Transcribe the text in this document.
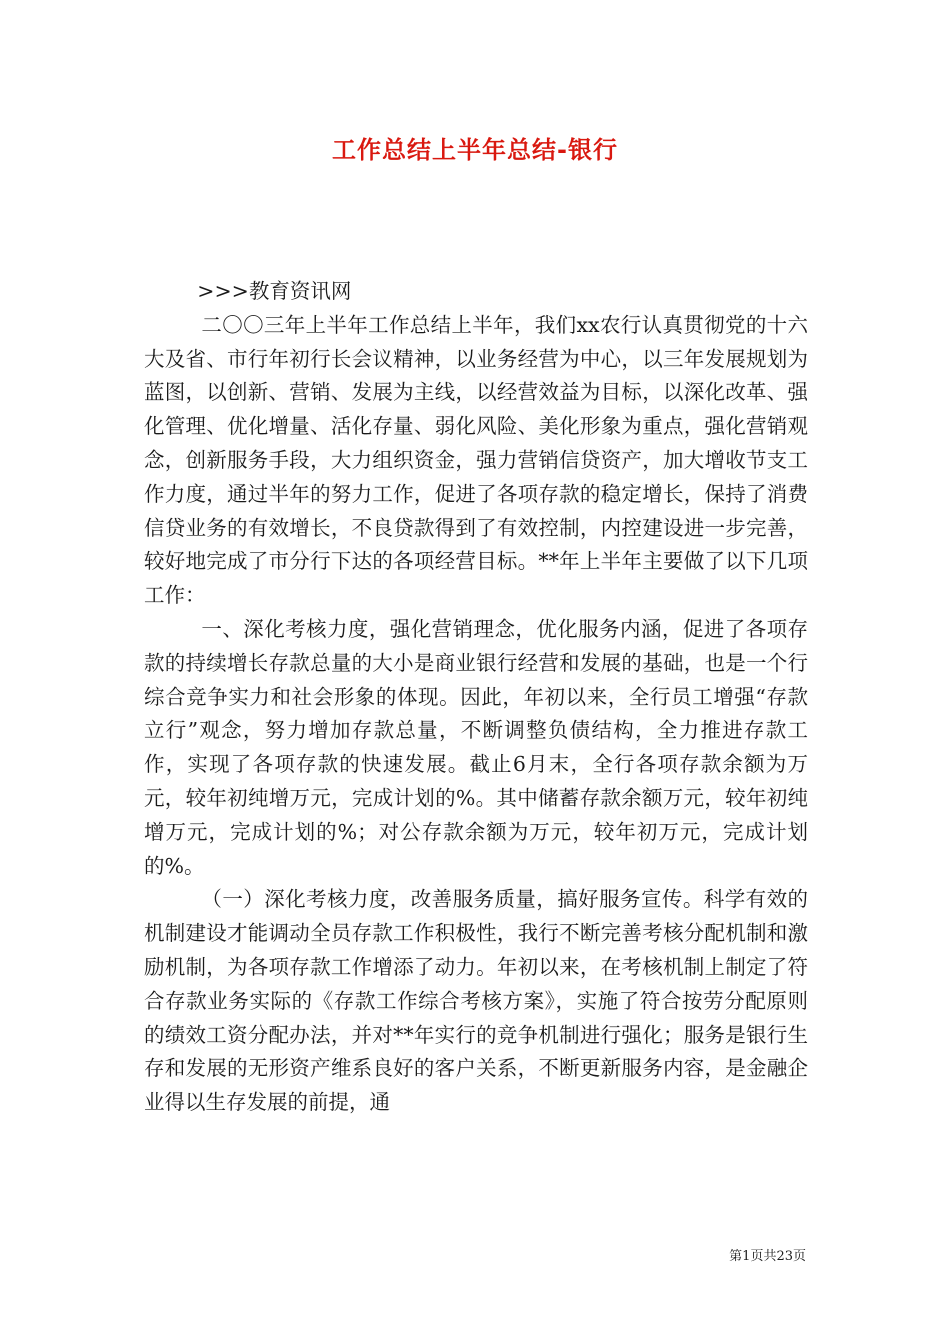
工作总结上半年总结-银行

>>>教育资讯网

二〇〇三年上半年工作总结上半年，我们xx农行认真贯彻党的十六大及省、市行年初行长会议精神，以业务经营为中心，以三年发展规划为蓝图，以创新、营销、发展为主线，以经营效益为目标，以深化改革、强化管理、优化增量、活化存量、弱化风险、美化形象为重点，强化营销观念，创新服务手段，大力组织资金，强力营销信贷资产，加大增收节支工作力度，通过半年的努力工作，促进了各项存款的稳定增长，保持了消费信贷业务的有效增长，不良贷款得到了有效控制，内控建设进一步完善，较好地完成了市分行下达的各项经营目标。**年上半年主要做了以下几项工作：

一、深化考核力度，强化营销理念，优化服务内涵，促进了各项存款的持续增长存款总量的大小是商业银行经营和发展的基础，也是一个行综合竞争实力和社会形象的体现。因此，年初以来，全行员工增强“存款立行”观念，努力增加存款总量，不断调整负债结构，全力推进存款工作，实现了各项存款的快速发展。截止6月末，全行各项存款余额为万元，较年初纯增万元，完成计划的%。其中储蓄存款余额万元，较年初纯增万元，完成计划的%；对公存款余额为万元，较年初万元，完成计划的%。

（一）深化考核力度，改善服务质量，搞好服务宣传。科学有效的机制建设才能调动全员存款工作积极性，我行不断完善考核分配机制和激励机制，为各项存款工作增添了动力。年初以来，在考核机制上制定了符合存款业务实际的《存款工作综合考核方案》，实施了符合按劳分配原则的绩效工资分配办法，并对**年实行的竞争机制进行强化；服务是银行生存和发展的无形资产维系良好的客户关系，不断更新服务内容，是金融企业得以生存发展的前提，通

第1页共23页
